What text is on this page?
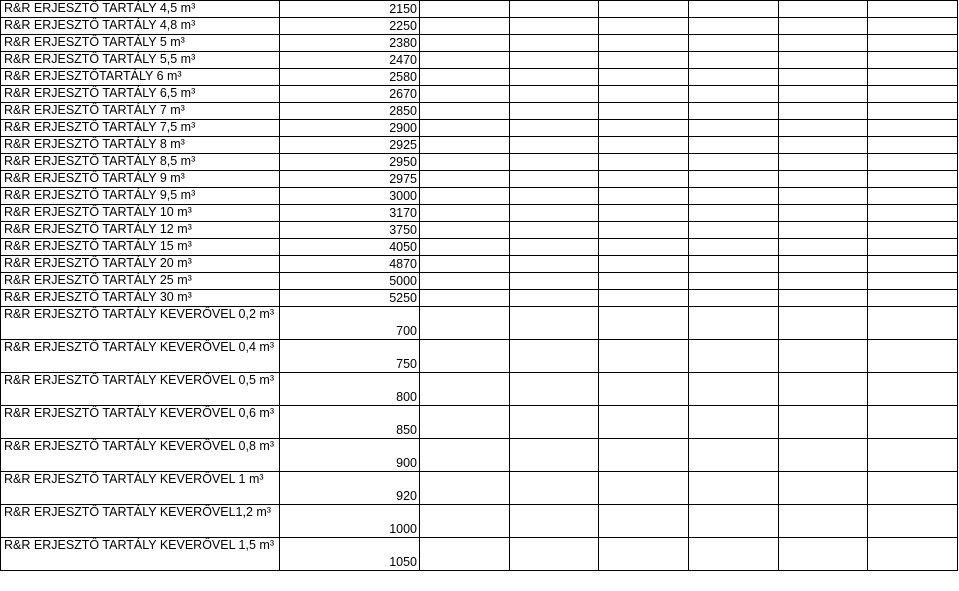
R&R ERJESZTŐ TARTÁLY 4,5 m³	2150						
R&R ERJESZTŐ TARTÁLY 4,8 m³	2250						
R&R ERJESZTŐ TARTÁLY 5 m³	2380						
R&R ERJESZTŐ TARTÁLY 5,5 m³	2470						
R&R ERJESZTŐTARTÁLY 6 m³	2580						
R&R ERJESZTŐ TARTÁLY 6,5 m³	2670						
R&R ERJESZTŐ TARTÁLY 7 m³	2850						
R&R ERJESZTŐ TARTÁLY 7,5 m³	2900						
R&R ERJESZTŐ TARTÁLY 8 m³	2925						
R&R ERJESZTŐ TARTÁLY 8,5 m³	2950						
R&R ERJESZTŐ TARTÁLY 9 m³	2975						
R&R ERJESZTŐ TARTÁLY 9,5 m³	3000						
R&R ERJESZTŐ TARTÁLY 10 m³	3170						
R&R ERJESZTŐ TARTÁLY 12 m³	3750						
R&R ERJESZTŐ TARTÁLY 15 m³	4050						
R&R ERJESZTŐ TARTÁLY 20 m³	4870						
R&R ERJESZTŐ TARTÁLY 25 m³	5000						
R&R ERJESZTŐ TARTÁLY 30 m³	5250						
R&R ERJESZTŐ TARTÁLY KEVERŐVEL 0,2 m³	700						
R&R ERJESZTŐ TARTÁLY KEVERŐVEL 0,4 m³	750						
R&R ERJESZTŐ TARTÁLY KEVERŐVEL 0,5 m³	800						
R&R ERJESZTŐ TARTÁLY KEVERŐVEL 0,6 m³	850						
R&R ERJESZTŐ TARTÁLY KEVERŐVEL 0,8 m³	900						
R&R ERJESZTŐ TARTÁLY KEVERŐVEL 1 m³	920						
R&R ERJESZTŐ TARTÁLY KEVERŐVEL1,2 m³	1000						
R&R ERJESZTŐ TARTÁLY KEVERŐVEL 1,5 m³	1050						
